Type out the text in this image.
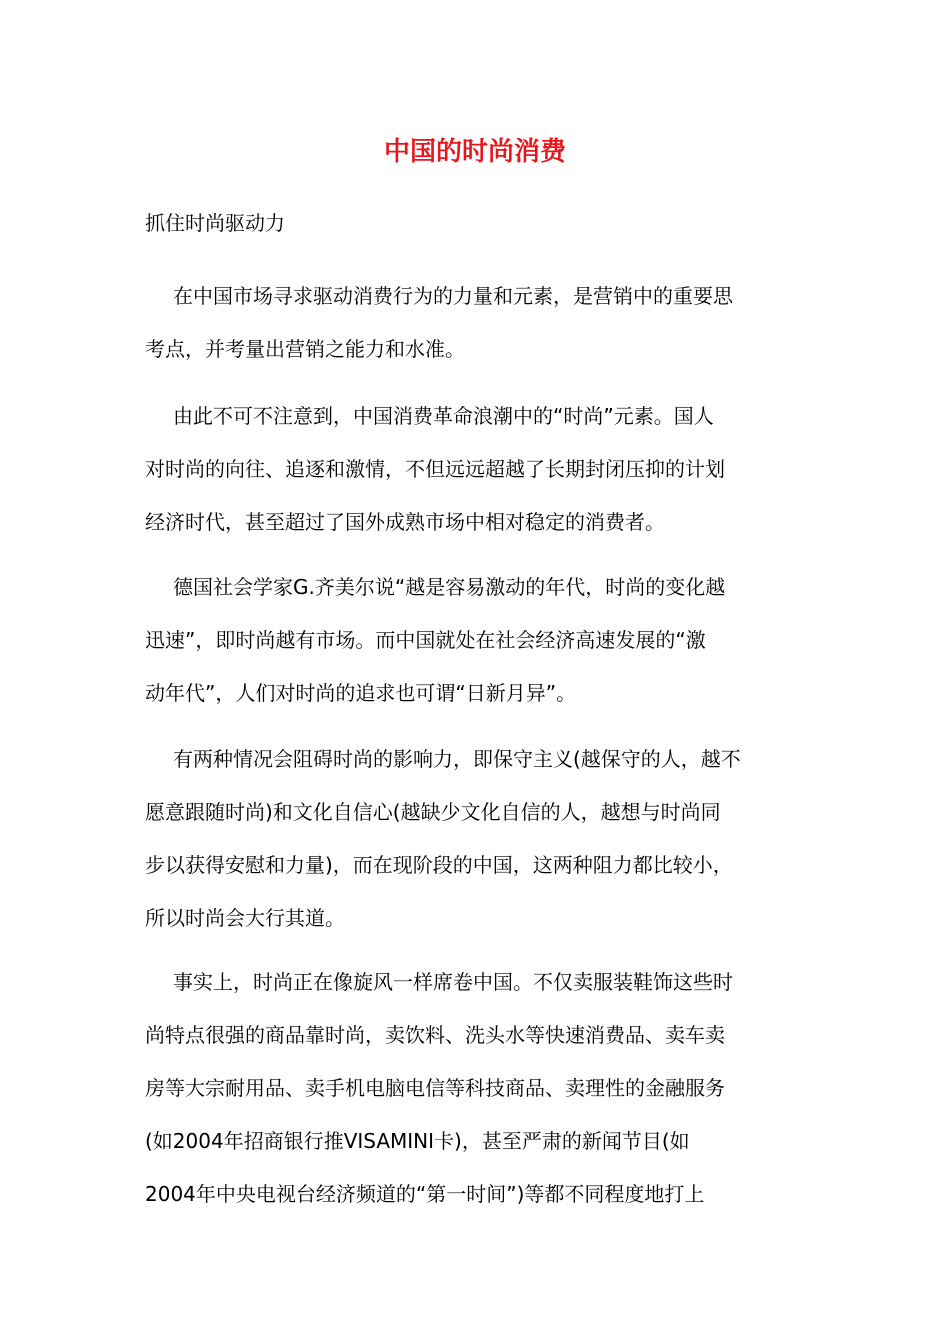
中国的时尚消费

抓住时尚驱动力

在中国市场寻求驱动消费行为的力量和元素，是营销中的重要思
考点，并考量出营销之能力和水准。
由此不可不注意到，中国消费革命浪潮中的“时尚”元素。国人
对时尚的向往、追逐和激情，不但远远超越了长期封闭压抑的计划
经济时代，甚至超过了国外成熟市场中相对稳定的消费者。
德国社会学家G.齐美尔说“越是容易激动的年代，时尚的变化越
迅速”，即时尚越有市场。而中国就处在社会经济高速发展的“激
动年代”，人们对时尚的追求也可谓“日新月异”。
有两种情况会阻碍时尚的影响力，即保守主义(越保守的人，越不
愿意跟随时尚)和文化自信心(越缺少文化自信的人，越想与时尚同
步以获得安慰和力量)，而在现阶段的中国，这两种阻力都比较小，
所以时尚会大行其道。
事实上，时尚正在像旋风一样席卷中国。不仅卖服装鞋饰这些时
尚特点很强的商品靠时尚，卖饮料、洗头水等快速消费品、卖车卖
房等大宗耐用品、卖手机电脑电信等科技商品、卖理性的金融服务
(如2004年招商银行推VISAMINI卡)，甚至严肃的新闻节目(如
2004年中央电视台经济频道的“第一时间”)等都不同程度地打上
